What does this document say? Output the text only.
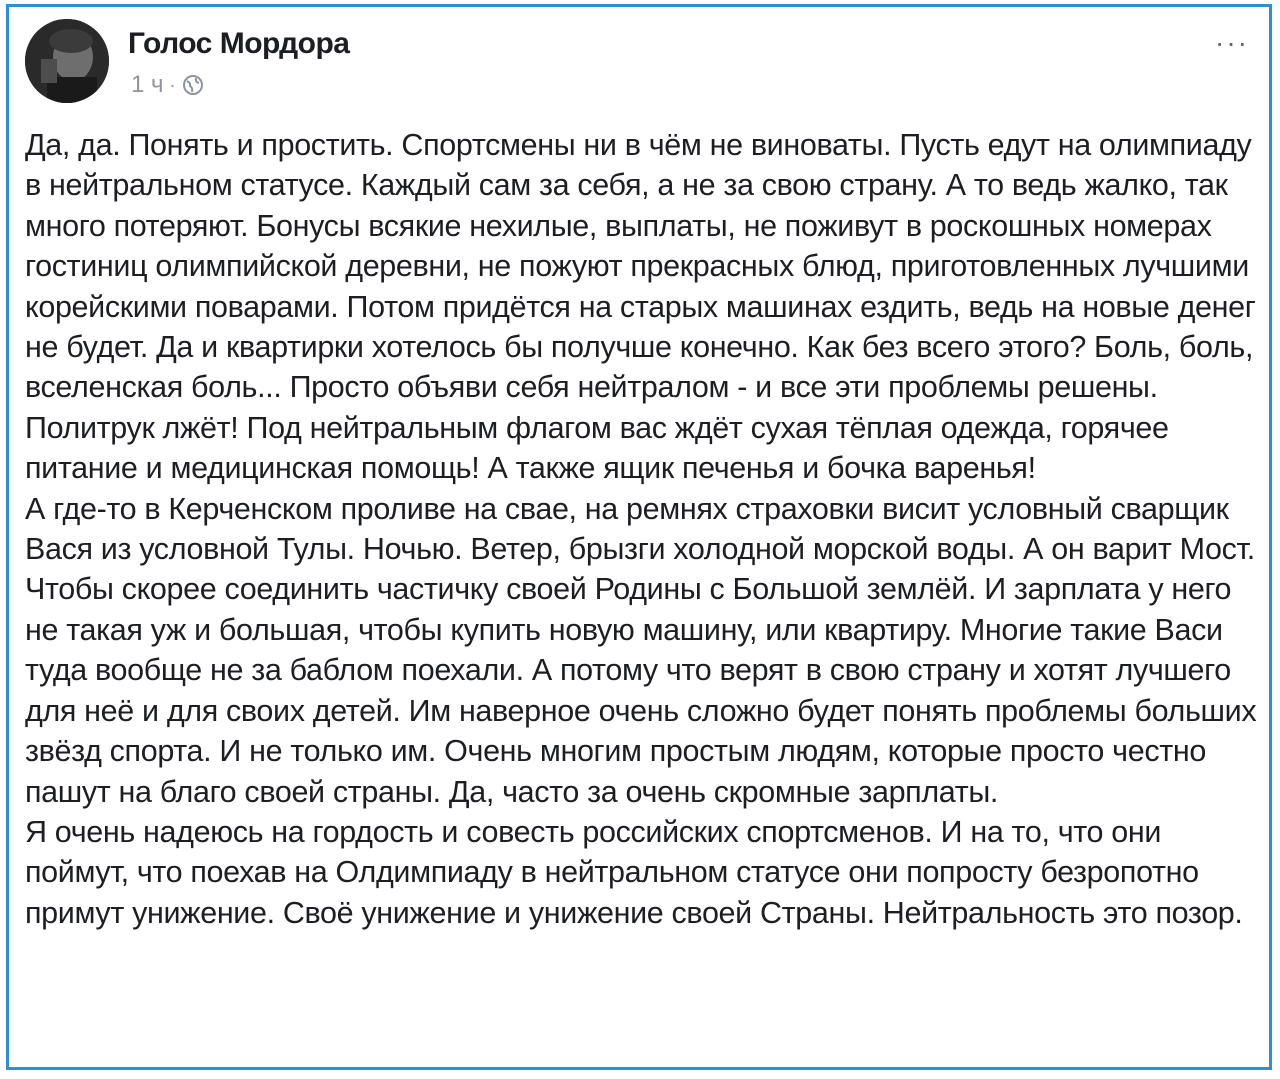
Голос Мордора
1 ч ·
···

Да, да. Понять и простить. Спортсмены ни в чём не виноваты. Пусть едут на олимпиаду в нейтральном статусе. Каждый сам за себя, а не за свою страну. А то ведь жалко, так много потеряют. Бонусы всякие нехилые, выплаты, не поживут в роскошных номерах гостиниц олимпийской деревни, не пожуют прекрасных блюд, приготовленных лучшими корейскими поварами. Потом придётся на старых машинах ездить, ведь на новые денег не будет. Да и квартирки хотелось бы получше конечно. Как без всего этого? Боль, боль, вселенская боль... Просто объяви себя нейтралом - и все эти проблемы решены. Политрук лжёт! Под нейтральным флагом вас ждёт сухая тёплая одежда, горячее питание и медицинская помощь! А также ящик печенья и бочка варенья!

А где-то в Керченском проливе на свае, на ремнях страховки висит условный сварщик Вася из условной Тулы. Ночью. Ветер, брызги холодной морской воды. А он варит Мост. Чтобы скорее соединить частичку своей Родины с Большой землёй. И зарплата у него не такая уж и большая, чтобы купить новую машину, или квартиру. Многие такие Васи туда вообще не за баблом поехали. А потому что верят в свою страну и хотят лучшего для неё и для своих детей. Им наверное очень сложно будет понять проблемы больших звёзд спорта. И не только им. Очень многим простым людям, которые просто честно пашут на благо своей страны. Да, часто за очень скромные зарплаты.

Я очень надеюсь на гордость и совесть российских спортсменов. И на то, что они поймут, что поехав на Олдимпиаду в нейтральном статусе они попросту безропотно примут унижение. Своё унижение и унижение своей Страны. Нейтральность это позор.
